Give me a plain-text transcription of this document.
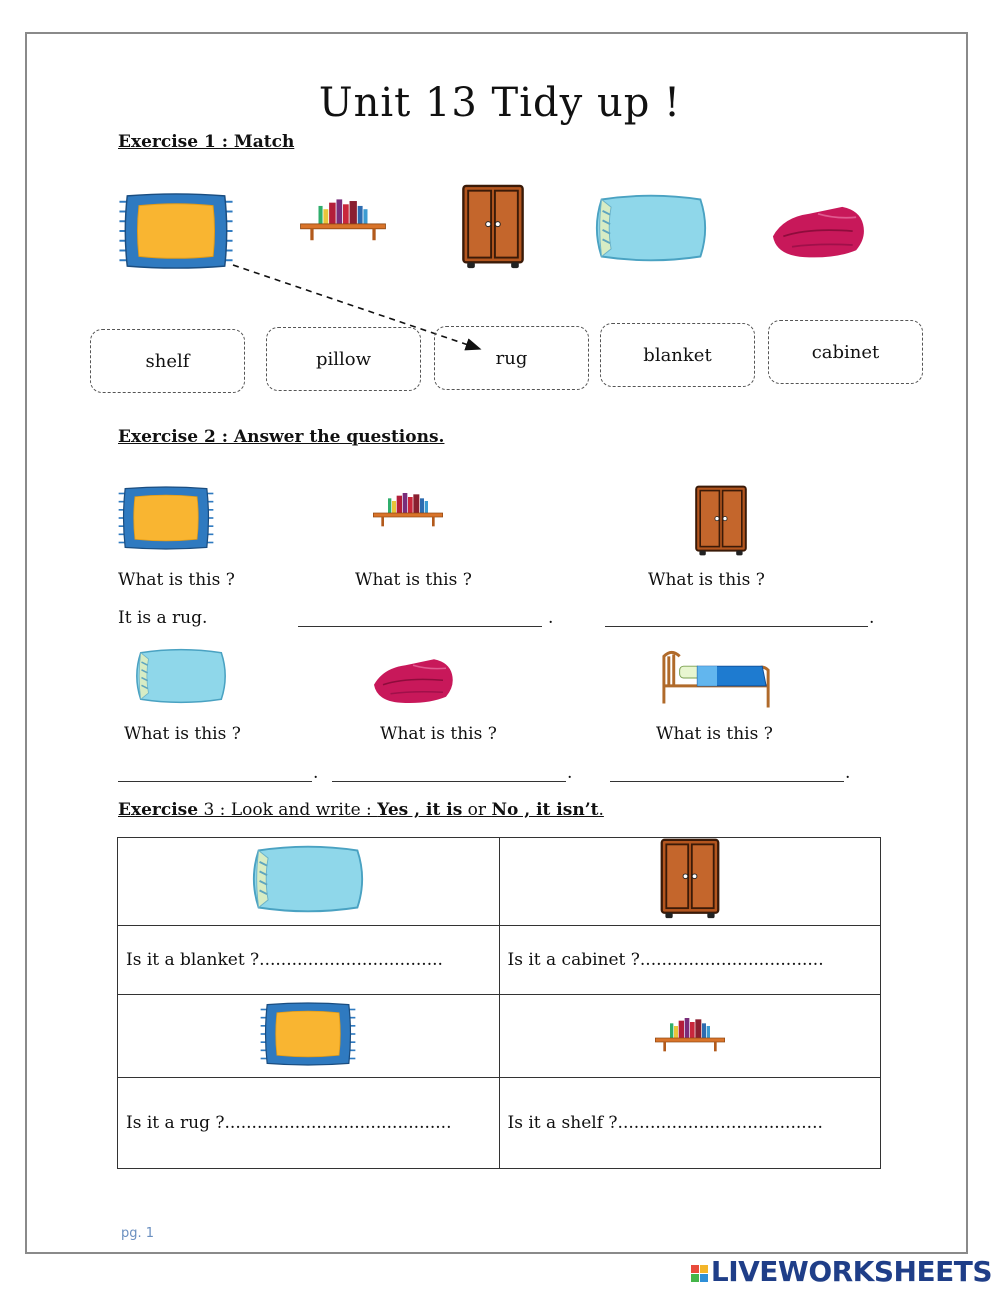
Unit 13 Tidy up !
Exercise 1 : Match
shelf	pillow	rug	blanket	cabinet
Exercise 2 : Answer the questions.
What is this ?	What is this ?	What is this ?
It is a rug.	.	.
What is this ?	What is this ?	What is this ?
.	.	.
Exercise 3 : Look and write : Yes , it is or No , it isn’t.

Is it a blanket ?..................................	Is it a cabinet ?..................................

Is it a rug ?..........................................	Is it a shelf ?......................................
pg. 1
LIVEWORKSHEETS
